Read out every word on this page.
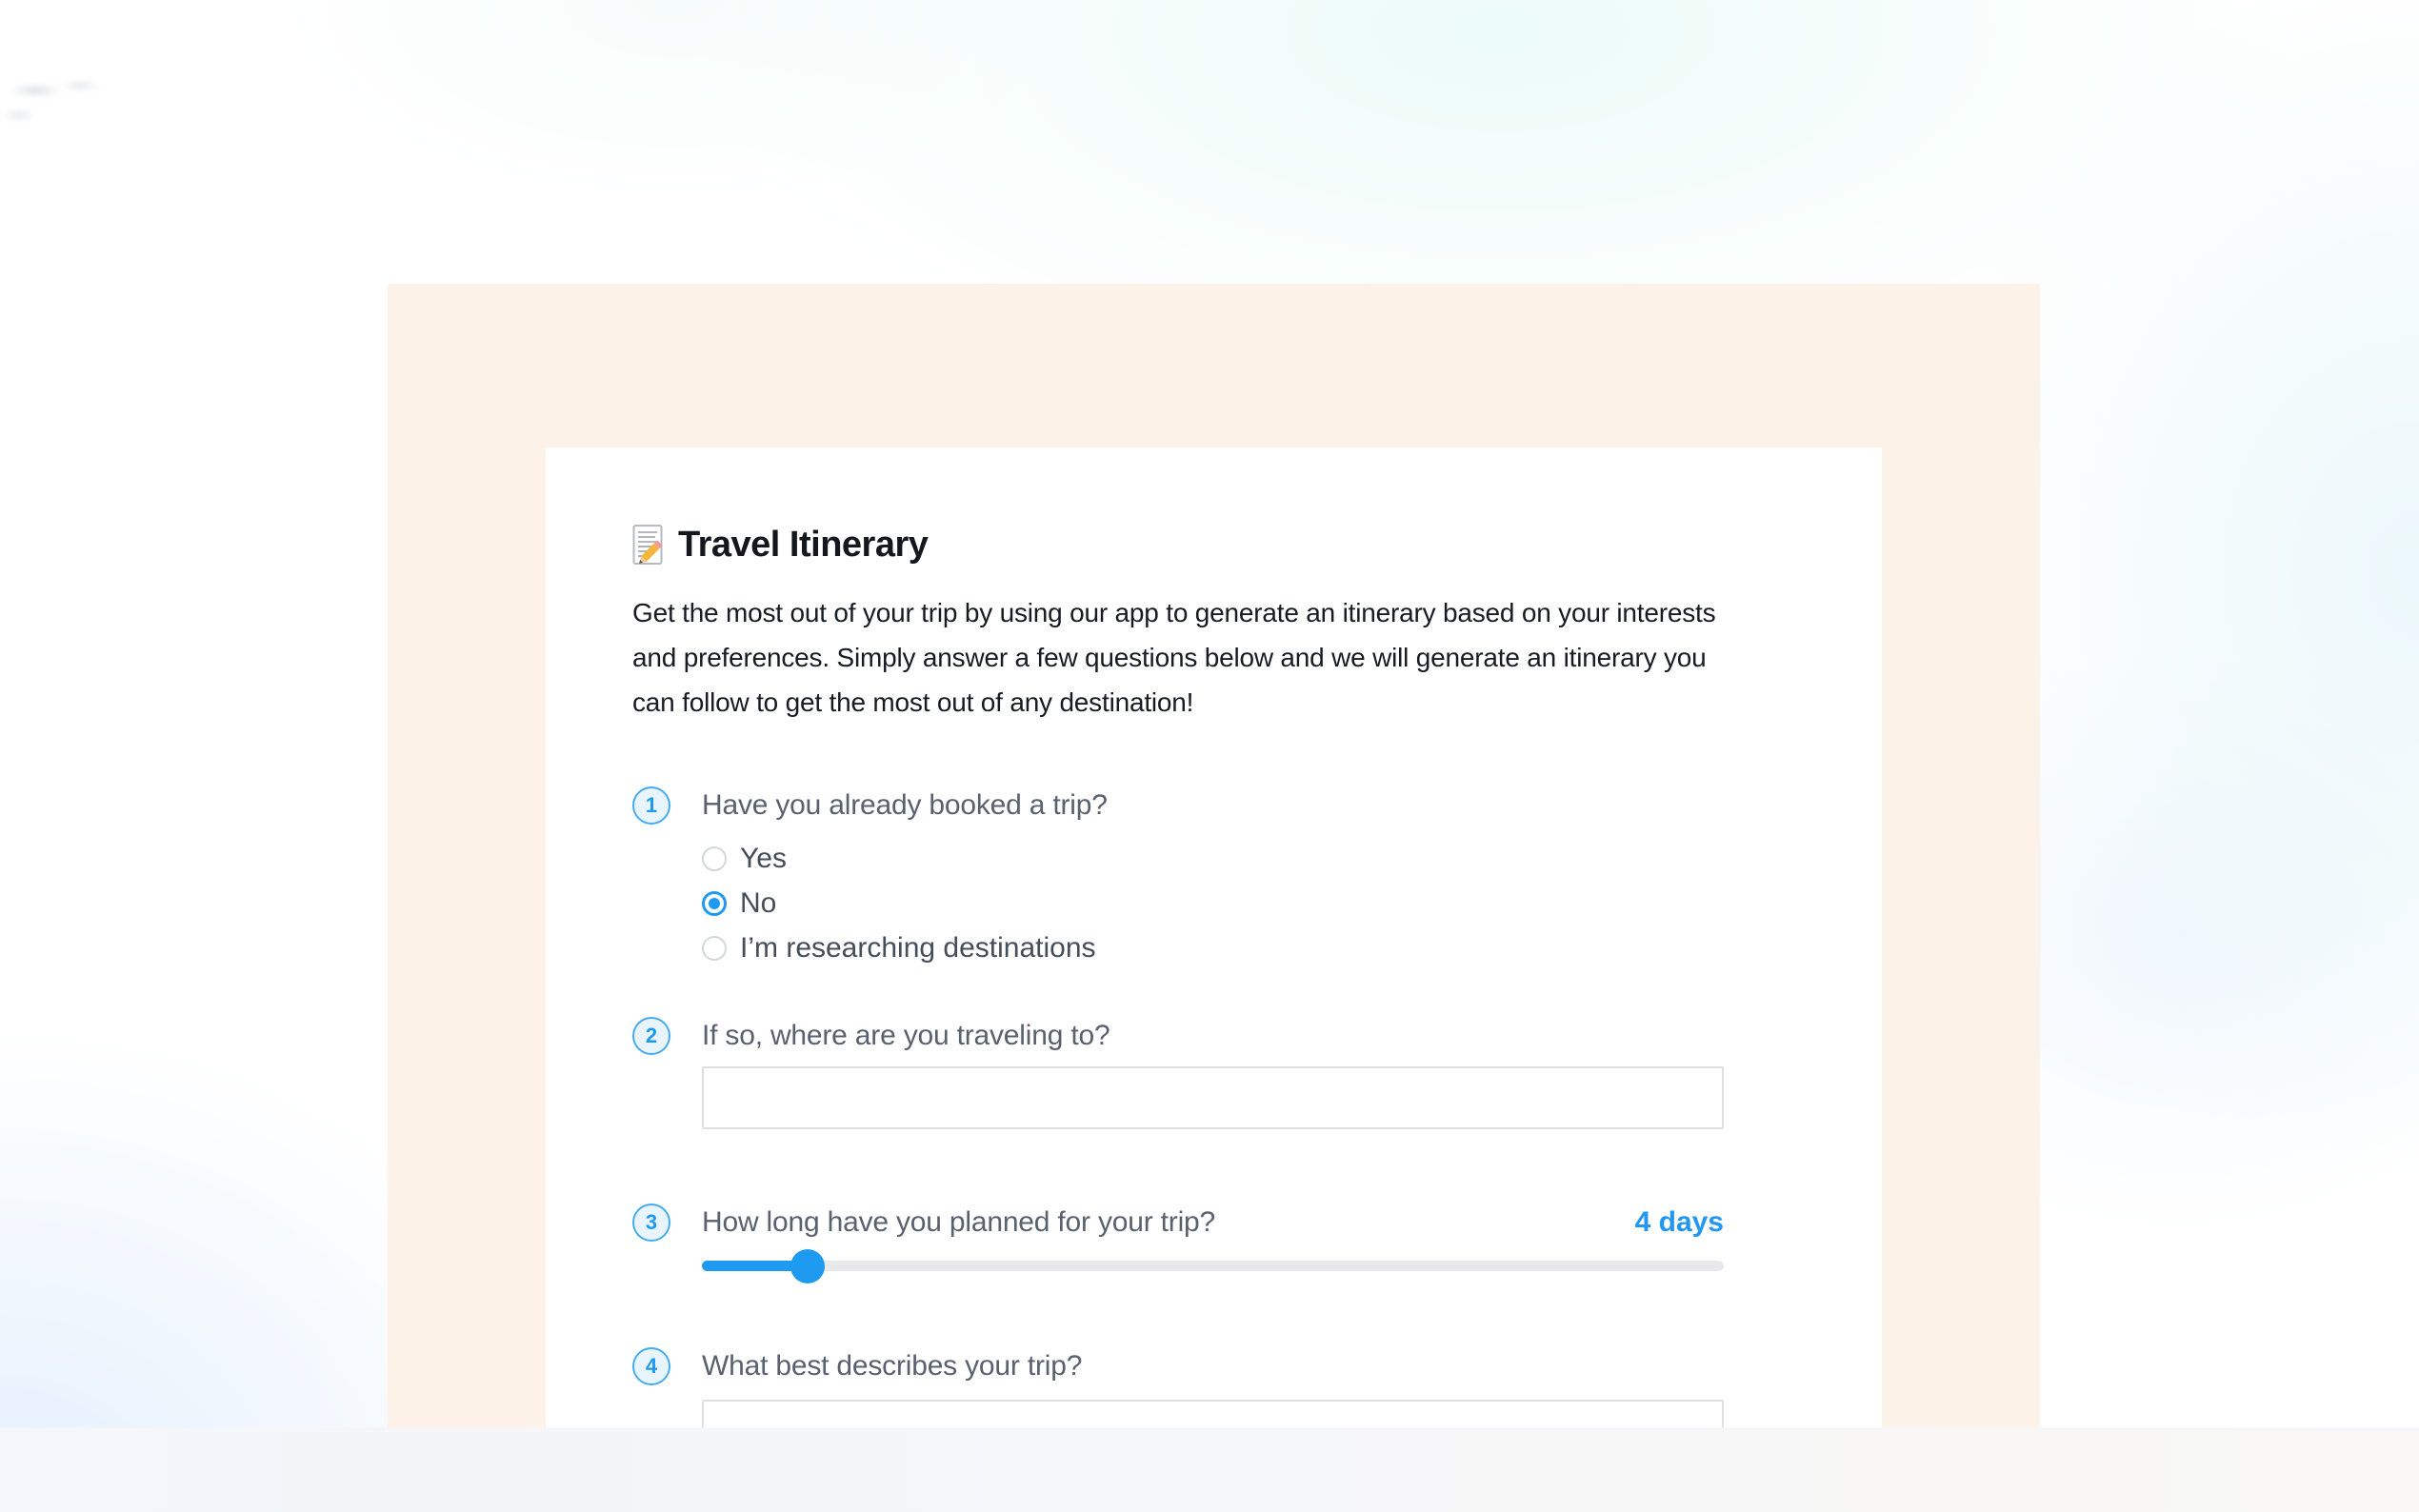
Travel Itinerary

Get the most out of your trip by using our app to generate an itinerary based on your interests and preferences. Simply answer a few questions below and we will generate an itinerary you can follow to get the most out of any destination!

1	Have you already booked a trip?
Yes
No
I’m researching destinations
2	If so, where are you traveling to?
3	How long have you planned for your trip?	4 days
4	What best describes your trip?
